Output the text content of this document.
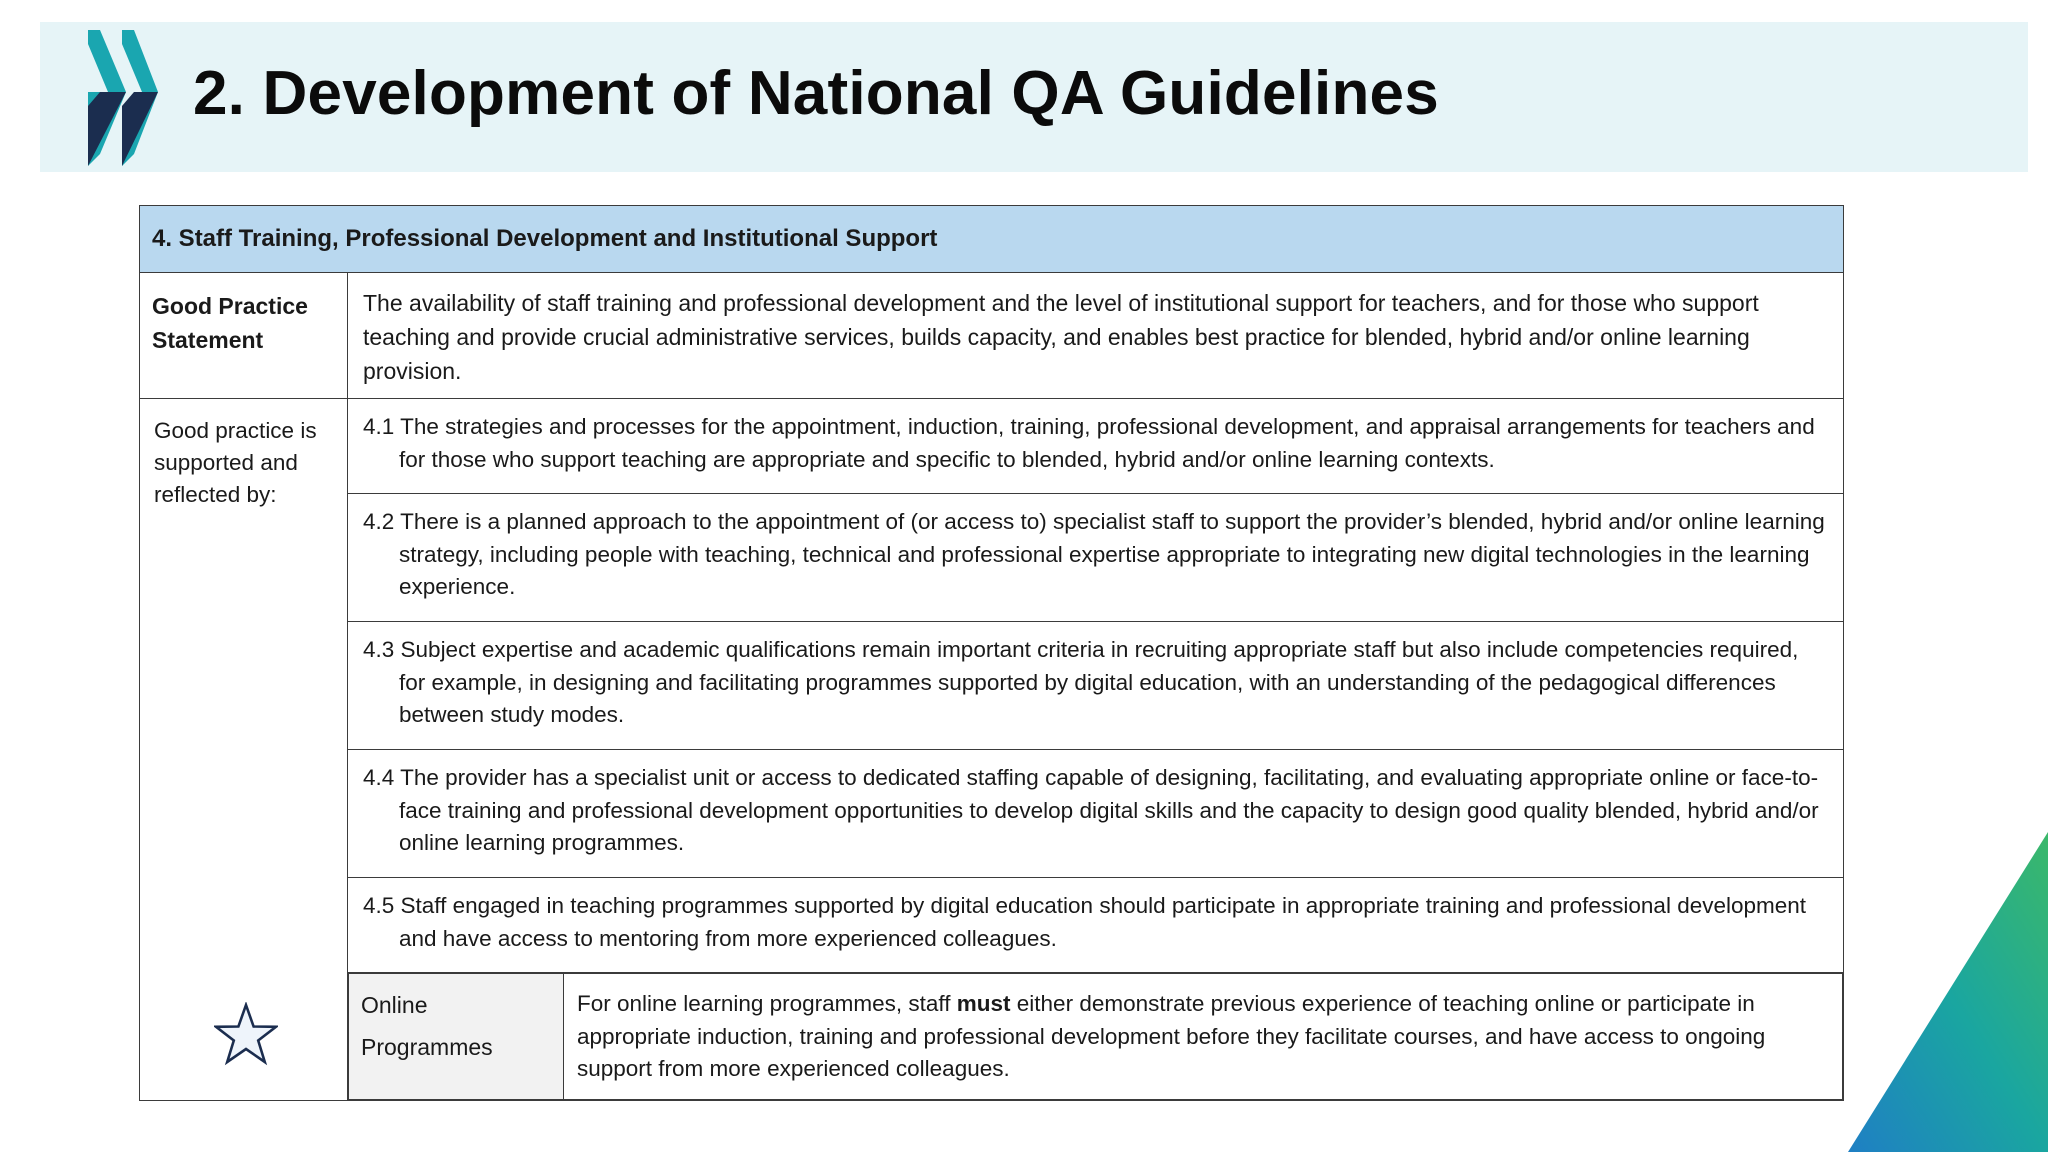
2. Development of National QA Guidelines
4. Staff Training, Professional Development and Institutional Support
Good Practice Statement	The availability of staff training and professional development and the level of institutional support for teachers, and for those who support teaching and provide crucial administrative services, builds capacity, and enables best practice for blended, hybrid and/or online learning provision.

Good practice is supported and reflected by:
	4.1 The strategies and processes for the appointment, induction, training, professional development, and appraisal arrangements for teachers and for those who support teaching are appropriate and specific to blended, hybrid and/or online learning contexts.
4.2 There is a planned approach to the appointment of (or access to) specialist staff to support the provider’s blended, hybrid and/or online learning strategy, including people with teaching, technical and professional expertise appropriate to integrating new digital technologies in the learning experience.
4.3 Subject expertise and academic qualifications remain important criteria in recruiting appropriate staff but also include competencies required, for example, in designing and facilitating programmes supported by digital education, with an understanding of the pedagogical differences between study modes.
4.4 The provider has a specialist unit or access to dedicated staffing capable of designing, facilitating, and evaluating appropriate online or face-to-face training and professional development opportunities to develop digital skills and the capacity to design good quality blended, hybrid and/or online learning programmes.
4.5 Staff engaged in teaching programmes supported by digital education should participate in appropriate training and professional development and have access to mentoring from more experienced colleagues.

Online
Programmes
	For online learning programmes, staff must either demonstrate previous experience of teaching online or participate in appropriate induction, training and professional development before they facilitate courses, and have access to ongoing support from more experienced colleagues.
